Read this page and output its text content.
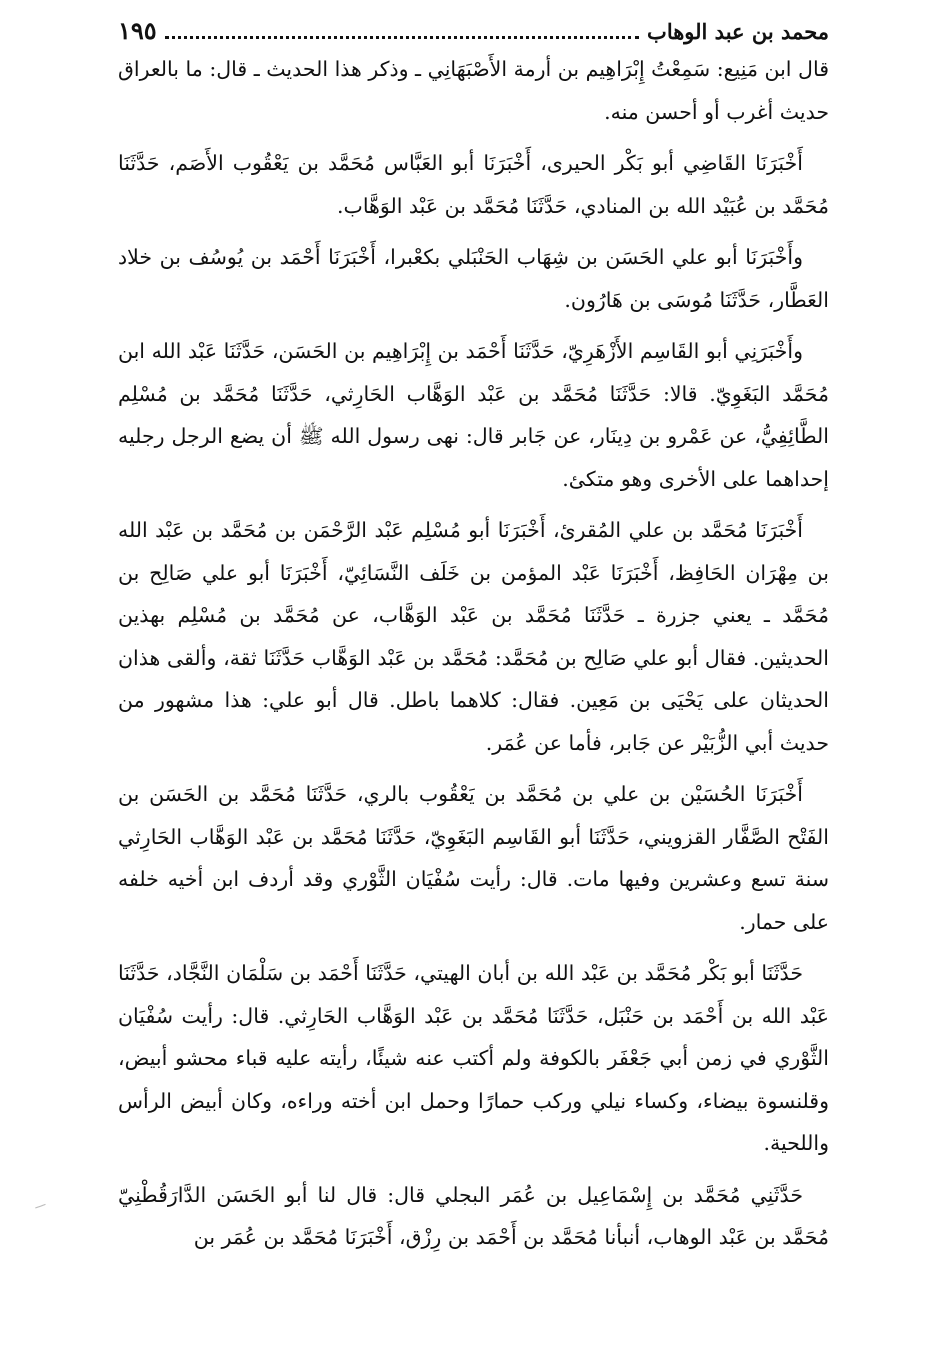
محمد بن عبد الوهاب
١٩٥

قال ابن مَنِيع: سَمِعْتُ إِبْرَاهِيم بن أرمة الأَصْبَهَانِي ـ وذكر هذا الحديث ـ قال: ما بالعراق حديث أغرب أو أحسن منه.

أَخْبَرَنَا القَاضِي أبو بَكْر الحيرى، أَخْبَرَنَا أبو العَبَّاس مُحَمَّد بن يَعْقُوب الأَصَم، حَدَّثَنَا مُحَمَّد بن عُبَيْد الله بن المنادي، حَدَّثَنَا مُحَمَّد بن عَبْد الوَهَّاب.

وأَخْبَرَنَا أبو علي الحَسَن بن شِهَاب الحَنْبَلي بكعْبرا، أَخْبَرَنَا أَحْمَد بن يُوسُف بن خلاد العَطَّار، حَدَّثَنَا مُوسَى بن هَارُون.

وأَخْبَرَنِي أبو القَاسِم الأَزْهَرِيّ، حَدَّثَنَا أَحْمَد بن إِبْرَاهِيم بن الحَسَن، حَدَّثَنَا عَبْد الله ابن مُحَمَّد البَغَوِيّ. قالا: حَدَّثَنَا مُحَمَّد بن عَبْد الوَهَّاب الحَارِثي، حَدَّثَنَا مُحَمَّد بن مُسْلِم الطَّائِفِيُّ، عن عَمْرو بن دِينَار، عن جَابر قال: نهى رسول الله ﷺ أن يضع الرجل رجليه إحداهما على الأخرى وهو متكئ.

أَخْبَرَنَا مُحَمَّد بن علي المُقرئ، أَخْبَرَنَا أبو مُسْلِم عَبْد الرَّحْمَن بن مُحَمَّد بن عَبْد الله بن مِهْرَان الحَافِظ، أَخْبَرَنَا عَبْد المؤمن بن خَلَف النَّسَائِيّ، أَخْبَرَنَا أبو علي صَالِح بن مُحَمَّد ـ يعني جزرة ـ حَدَّثَنَا مُحَمَّد بن عَبْد الوَهَّاب، عن مُحَمَّد بن مُسْلِم بهذين الحديثين. فقال أبو علي صَالِح بن مُحَمَّد: مُحَمَّد بن عَبْد الوَهَّاب حَدَّثَنَا ثقة، وألقى هذان الحديثان على يَحْيَى بن مَعِين. فقال: كلاهما باطل. قال أبو علي: هذا مشهور من حديث أبي الزُّبَيْر عن جَابر، فأما عن عُمَر.

أَخْبَرَنَا الحُسَيْن بن علي بن مُحَمَّد بن يَعْقُوب بالري، حَدَّثَنَا مُحَمَّد بن الحَسَن بن الفَتْح الصَّفَّار القزويني، حَدَّثَنَا أبو القَاسِم البَغَوِيّ، حَدَّثَنَا مُحَمَّد بن عَبْد الوَهَّاب الحَارِثي سنة تسع وعشرين وفيها مات. قال: رأيت سُفْيَان الثَّوْري وقد أردف ابن أخيه خلفه على حمار.

حَدَّثَنَا أبو بَكْر مُحَمَّد بن عَبْد الله بن أبان الهيتي، حَدَّثَنَا أَحْمَد بن سَلْمَان النَّجَّاد، حَدَّثَنَا عَبْد الله بن أَحْمَد بن حَنْبَل، حَدَّثَنَا مُحَمَّد بن عَبْد الوَهَّاب الحَارِثي. قال: رأيت سُفْيَان الثَّوْري في زمن أبي جَعْفَر بالكوفة ولم أكتب عنه شيئًا، رأيته عليه قباء محشو أبيض، وقلنسوة بيضاء، وكساء نيلي وركب حمارًا وحمل ابن أخته وراءه، وكان أبيض الرأس واللحية.

حَدَّثَنِي مُحَمَّد بن إِسْمَاعِيل بن عُمَر البجلي قال: قال لنا أبو الحَسَن الدَّارَقُطْنِيّ مُحَمَّد بن عَبْد الوهاب، أنبأنا مُحَمَّد بن أَحْمَد بن رِزْق، أَخْبَرَنَا مُحَمَّد بن عُمَر بن

ـــ
